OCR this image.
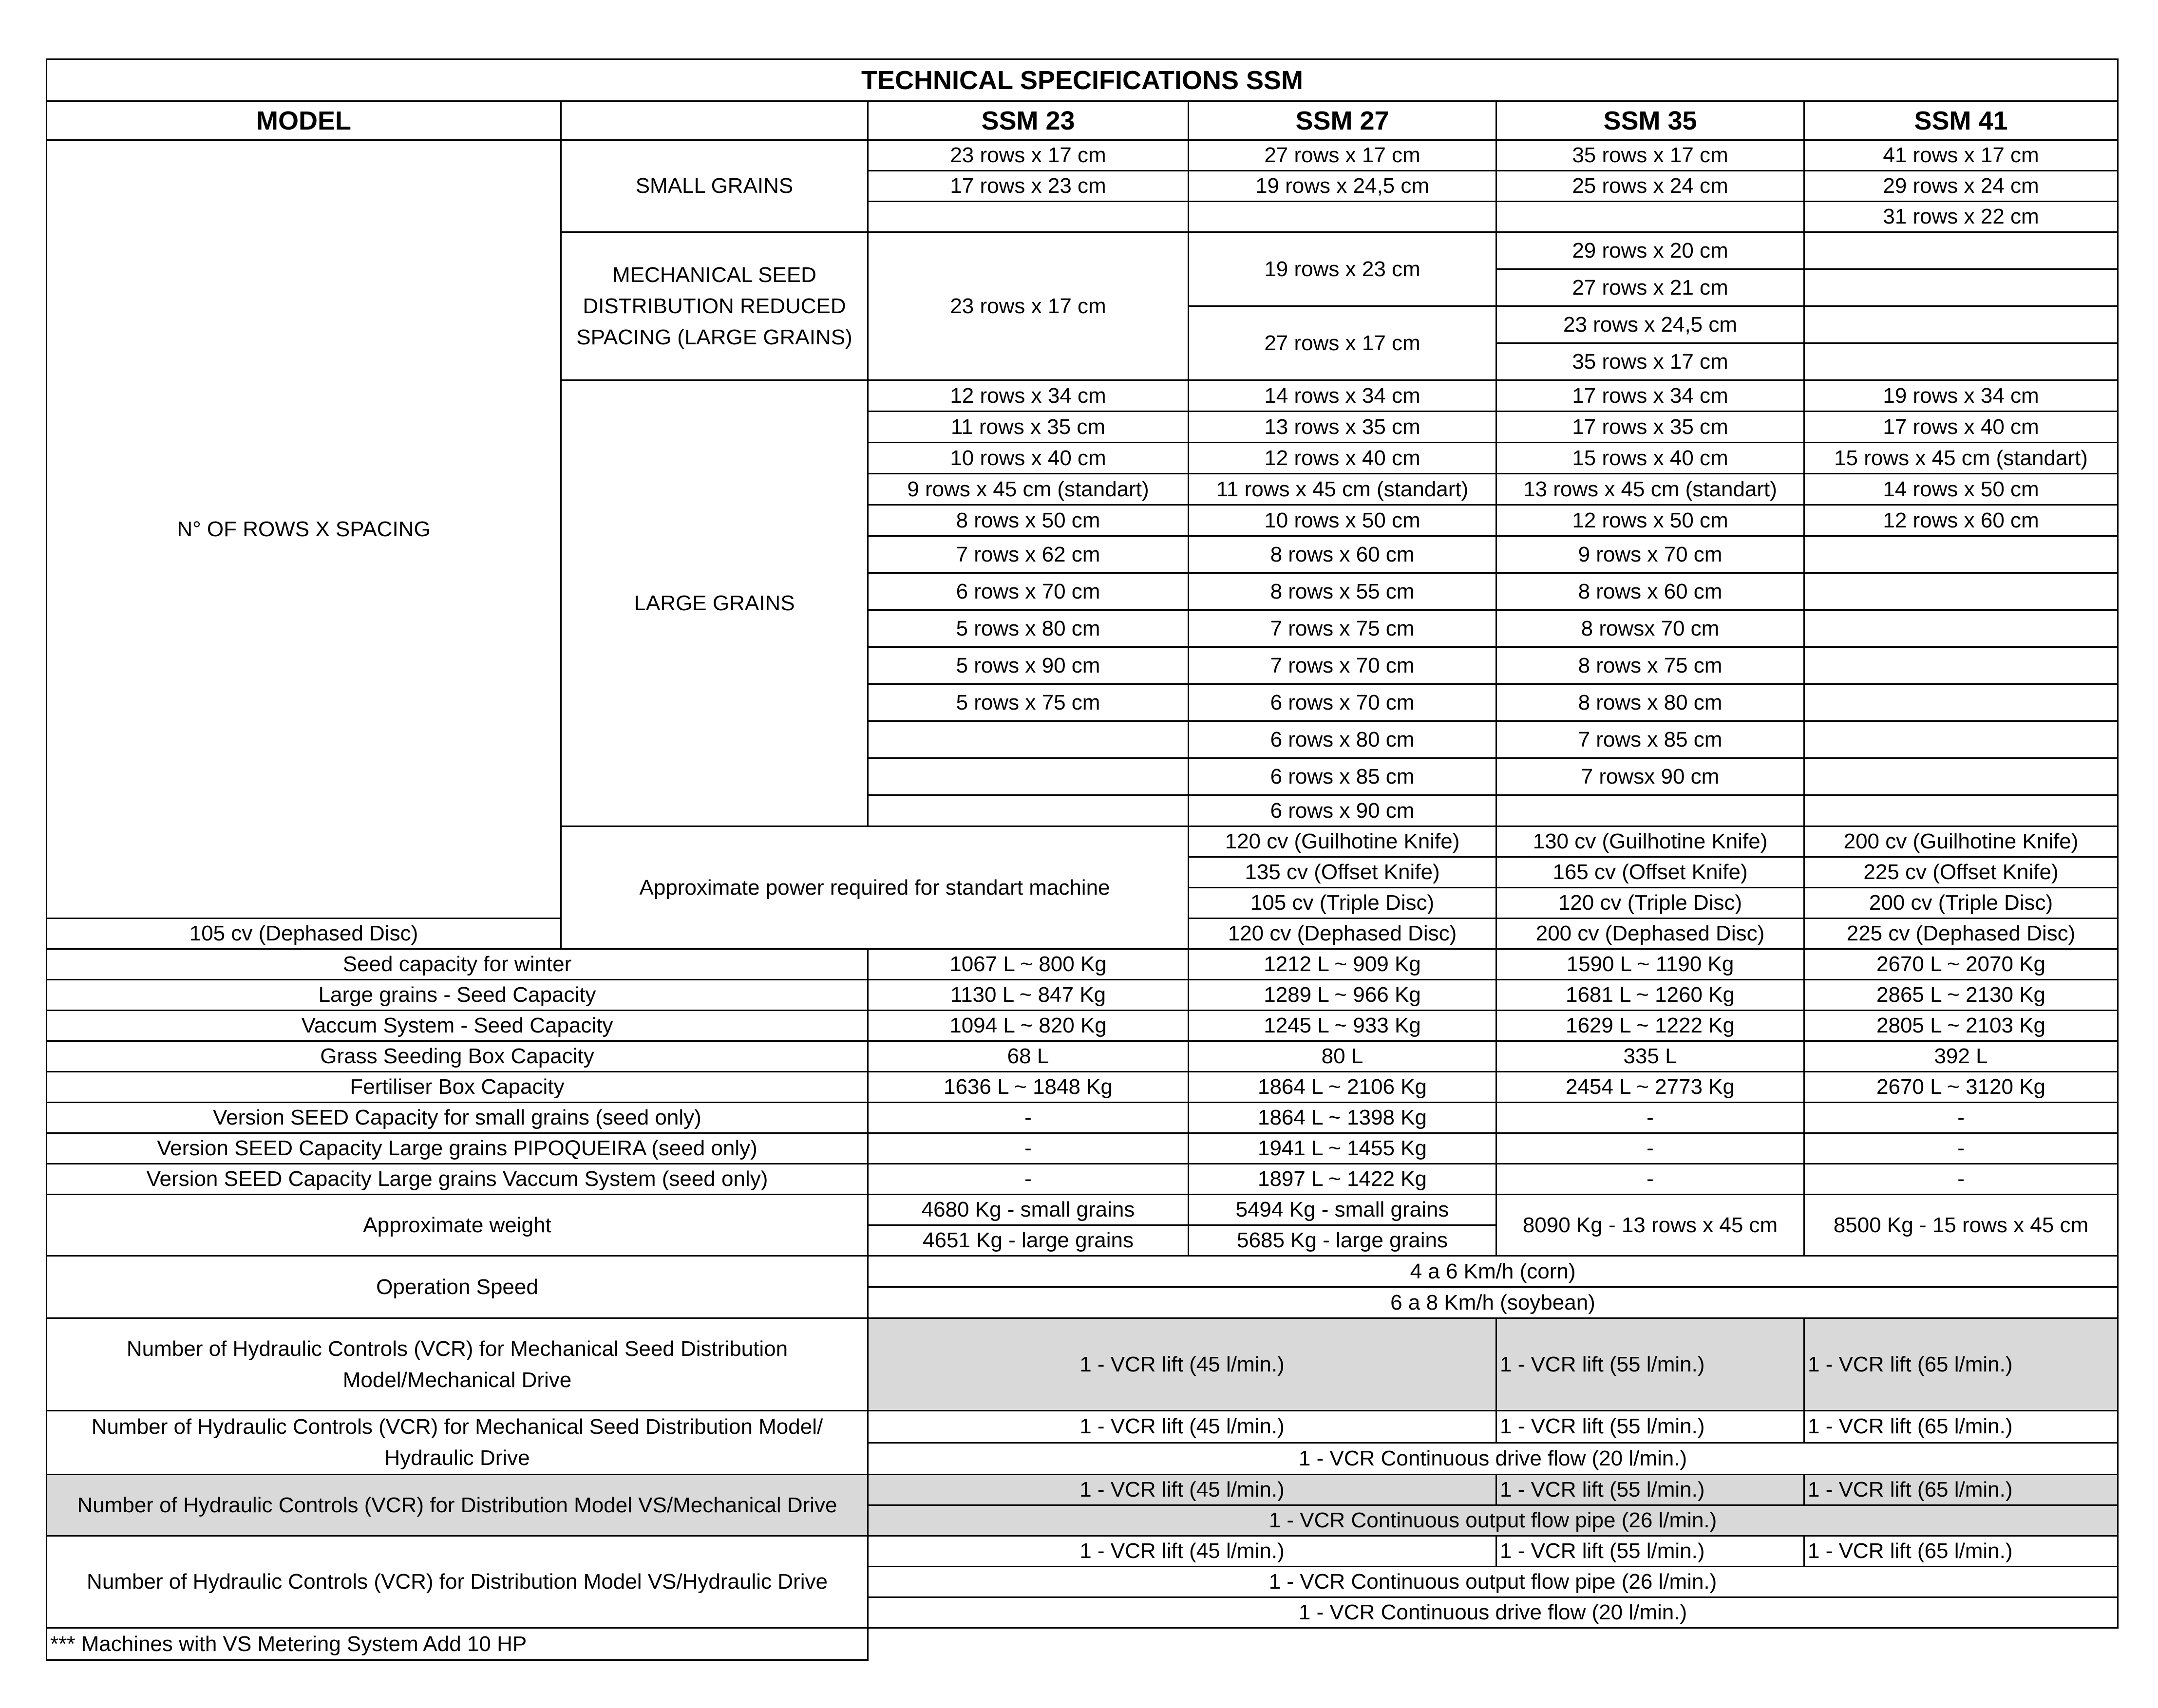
TECHNICAL SPECIFICATIONS SSM						
MODEL		SSM 23	SSM 27	SSM 35	SSM 41	
N° OF ROWS X SPACING	SMALL GRAINS	23 rows x 17 cm	27 rows x 17 cm	35 rows x 17 cm	41 rows x 17 cm	
		17 rows x 23 cm	19 rows x 24,5 cm	25 rows x 24 cm	29 rows x 24 cm	
					31 rows x 22 cm	
	MECHANICAL SEED DISTRIBUTION REDUCED SPACING (LARGE GRAINS)	23 rows x 17 cm	19 rows x 23 cm	29 rows x 20 cm		
				27 rows x 21 cm		
			27 rows x 17 cm	23 rows x 24,5 cm		
				35 rows x 17 cm		
	LARGE GRAINS	12 rows x 34 cm	14 rows x 34 cm	17 rows x 34 cm	19 rows x 34 cm	
		11 rows x 35 cm	13 rows x 35 cm	17 rows x 35 cm	17 rows x 40 cm	
		10 rows x 40 cm	12 rows x 40 cm	15 rows x 40 cm	15 rows x 45 cm (standart)	
		9 rows x 45 cm (standart)	11 rows x 45 cm (standart)	13 rows x 45 cm (standart)	14 rows x 50 cm	
		8 rows x 50 cm	10 rows x 50 cm	12 rows x 50 cm	12 rows x 60 cm	
		7 rows x 62 cm	8 rows x 60 cm	9 rows x 70 cm		
		6 rows x 70 cm	8 rows x 55 cm	8 rows x 60 cm		
		5 rows x 80 cm	7 rows x 75 cm	8 rowsx 70 cm		
		5 rows x 90 cm	7 rows x 70 cm	8 rows x 75 cm		
		5 rows x 75 cm	6 rows x 70 cm	8 rows x 80 cm		
			6 rows x 80 cm	7 rows x 85 cm		
			6 rows x 85 cm	7 rowsx 90 cm		
			6 rows x 90 cm			
	Approximate power required for standart machine		120 cv (Guilhotine Knife)	130 cv (Guilhotine Knife)	200 cv (Guilhotine Knife)	
			135 cv (Offset Knife)	165 cv (Offset Knife)	225 cv (Offset Knife)	
			105 cv (Triple Disc)	120 cv (Triple Disc)	200 cv (Triple Disc)	
105 cv (Dephased Disc)			120 cv (Dephased Disc)	200 cv (Dephased Disc)	225 cv (Dephased Disc)	
Seed capacity for winter		1067 L ~ 800 Kg	1212 L ~ 909 Kg	1590 L ~ 1190 Kg	2670 L ~ 2070 Kg	
Large grains - Seed Capacity		1130 L ~ 847 Kg	1289 L ~ 966 Kg	1681 L ~ 1260 Kg	2865 L ~ 2130 Kg	
Vaccum System - Seed Capacity		1094 L ~ 820 Kg	1245 L ~ 933 Kg	1629 L ~ 1222 Kg	2805 L ~ 2103 Kg	
Grass Seeding Box Capacity		68 L	80 L	335 L	392 L	
Fertiliser Box Capacity		1636 L ~ 1848 Kg	1864 L ~ 2106 Kg	2454 L ~ 2773 Kg	2670 L ~ 3120 Kg	
Version SEED Capacity for small grains (seed only)		-	1864 L ~ 1398 Kg	-	-	
Version SEED Capacity Large grains PIPOQUEIRA (seed only)		-	1941 L ~ 1455 Kg	-	-	
Version SEED Capacity Large grains Vaccum System (seed only)		-	1897 L ~ 1422 Kg	-	-	
Approximate weight		4680 Kg - small grains	5494 Kg - small grains	8090 Kg - 13 rows x 45 cm	8500 Kg - 15 rows x 45 cm	
		4651 Kg - large grains	5685 Kg - large grains			
Operation Speed		4 a 6 Km/h (corn)				
		6 a 8 Km/h (soybean)				
Number of Hydraulic Controls (VCR) for Mechanical Seed Distribution Model/Mechanical Drive		1 - VCR lift (45 l/min.)		1 - VCR lift (55 l/min.)	1 - VCR lift (65 l/min.)	
Number of Hydraulic Controls (VCR) for Mechanical Seed Distribution Model/ Hydraulic Drive		1 - VCR lift (45 l/min.)		1 - VCR lift (55 l/min.)	1 - VCR lift (65 l/min.)	
		1 - VCR Continuous drive flow (20 l/min.)				
Number of Hydraulic Controls (VCR) for Distribution Model VS/Mechanical Drive		1 - VCR lift (45 l/min.)		1 - VCR lift (55 l/min.)	1 - VCR lift (65 l/min.)	
		1 - VCR Continuous output flow pipe (26 l/min.)				
Number of Hydraulic Controls (VCR) for Distribution Model VS/Hydraulic Drive		1 - VCR lift (45 l/min.)		1 - VCR lift (55 l/min.)	1 - VCR lift (65 l/min.)	
		1 - VCR Continuous output flow pipe (26 l/min.)				
		1 - VCR Continuous drive flow (20 l/min.)				
*** Machines with VS Metering System Add 10 HP						
